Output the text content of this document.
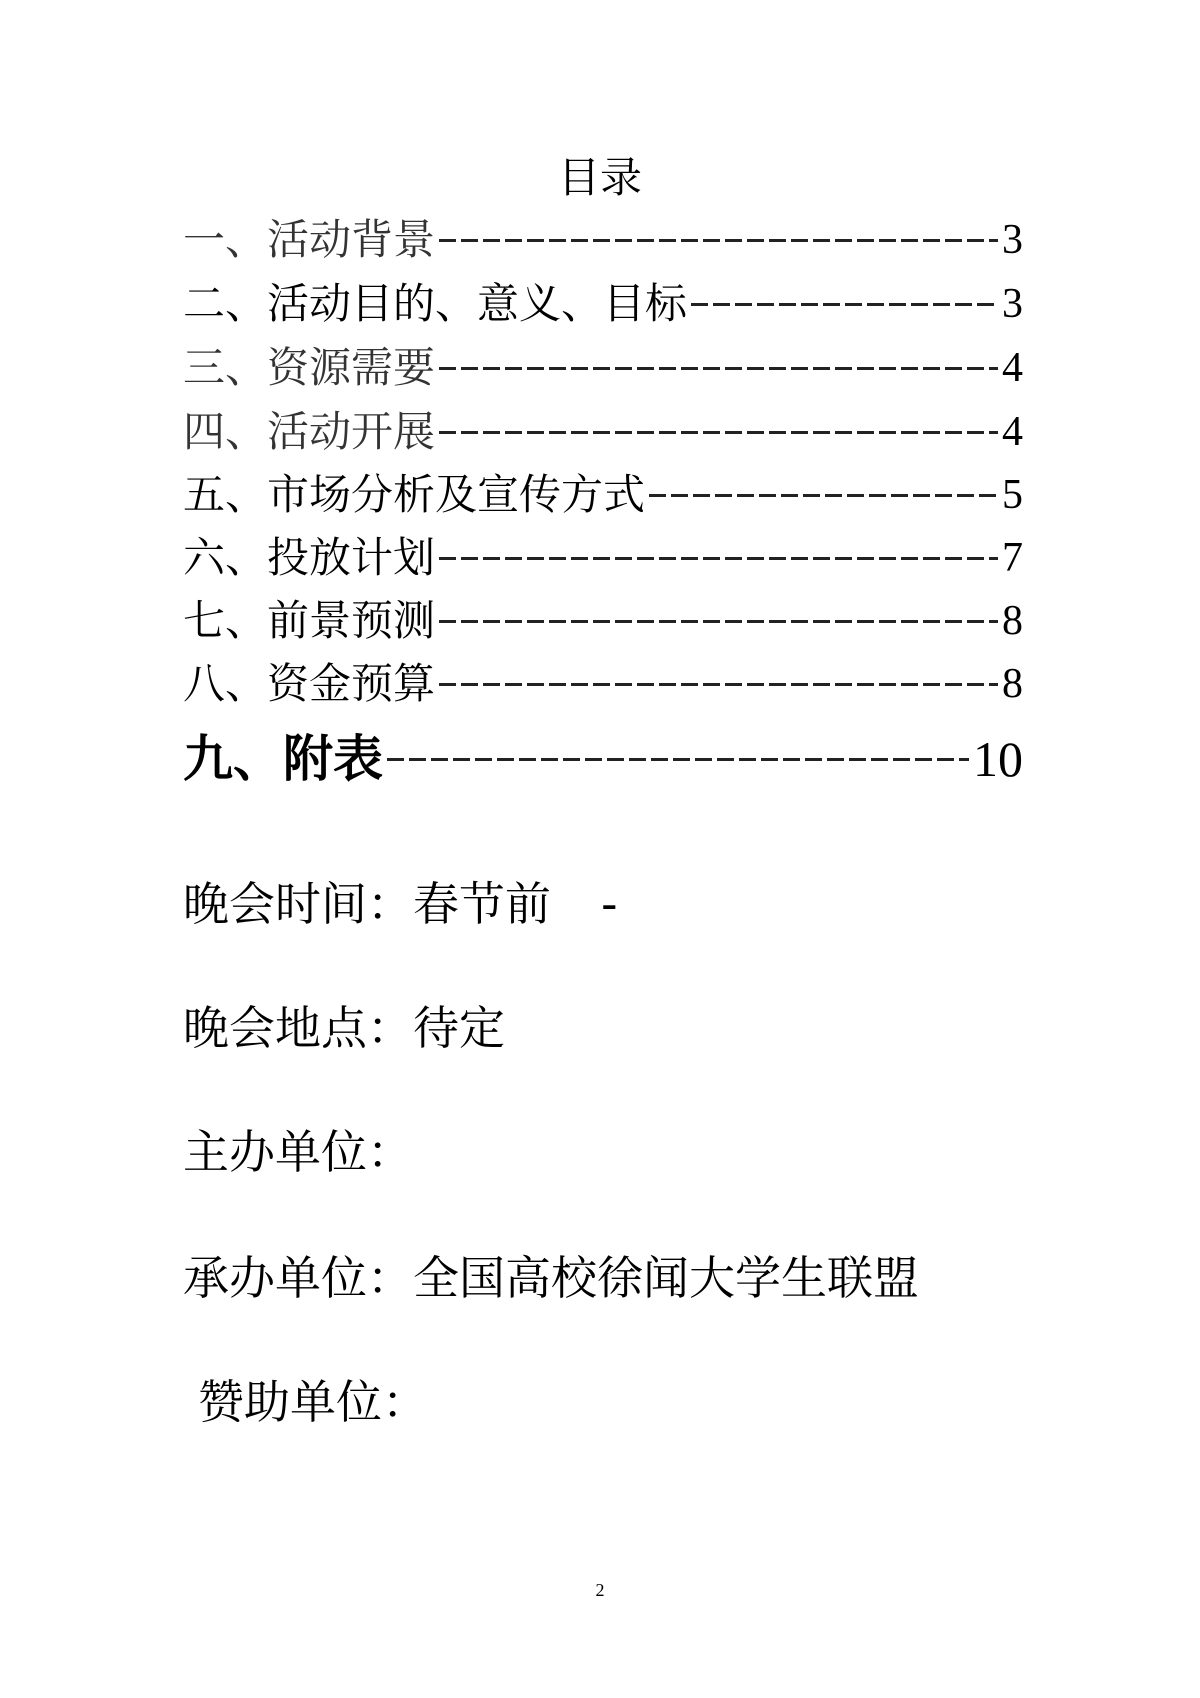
目录
一、活动背景	3
二、活动目的、意义、目标	3
三、资源需要	4
四、活动开展	4
五、市场分析及宣传方式	5
六、投放计划	7
七、前景预测	8
八、资金预算	8
九、附表	10
晚会时间：春节前 -
晚会地点：待定
主办单位：
承办单位：全国高校徐闻大学生联盟
赞助单位：
2
